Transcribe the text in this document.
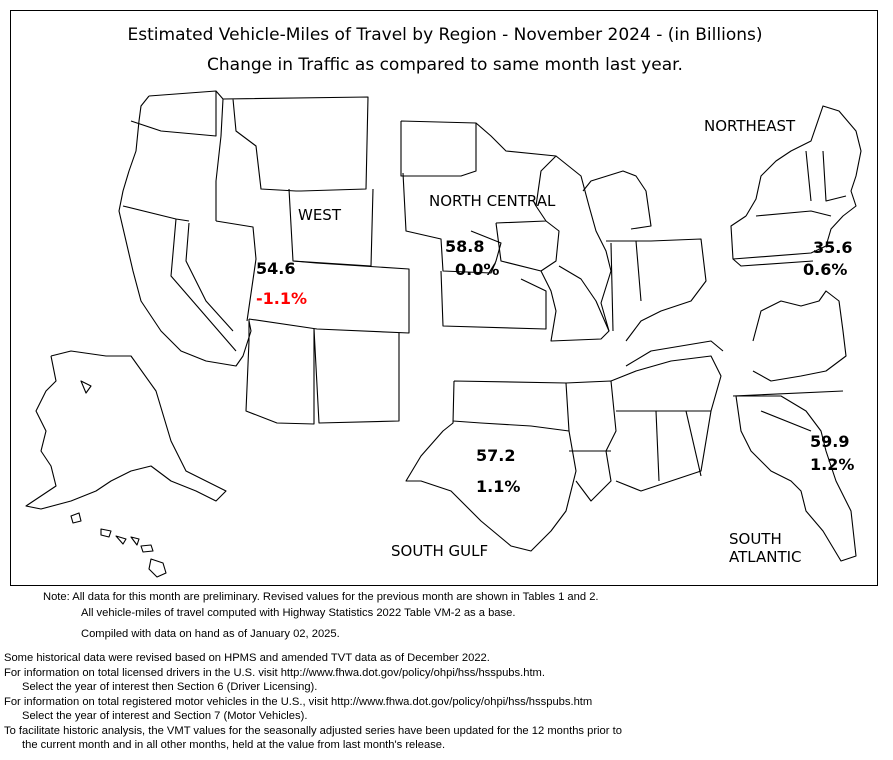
Estimated Vehicle-Miles of Travel by Region - November 2024 - (in Billions)
Change in Traffic as compared to same month last year.
WEST
54.6
-1.1%
NORTH CENTRAL
58.8
0.0%
NORTHEAST
35.6
0.6%
57.2
1.1%
SOUTH GULF
59.9
1.2%
SOUTH
ATLANTIC
Note: All data for this month are preliminary. Revised values for the previous month are shown in Tables 1 and 2.
All vehicle-miles of travel computed with Highway Statistics 2022 Table VM-2 as a base.
Compiled with data on hand as of January 02, 2025.
Some historical data were revised based on HPMS and amended TVT data as of December 2022.
For information on total licensed drivers in the U.S. visit http://www.fhwa.dot.gov/policy/ohpi/hss/hsspubs.htm.
Select the year of interest then Section 6 (Driver Licensing).
For information on total registered motor vehicles in the U.S., visit http://www.fhwa.dot.gov/policy/ohpi/hss/hsspubs.htm
Select the year of interest and Section 7 (Motor Vehicles).
To facilitate historic analysis, the VMT values for the seasonally adjusted series have been updated for the 12 months prior to
the current month and in all other months, held at the value from last month's release.
